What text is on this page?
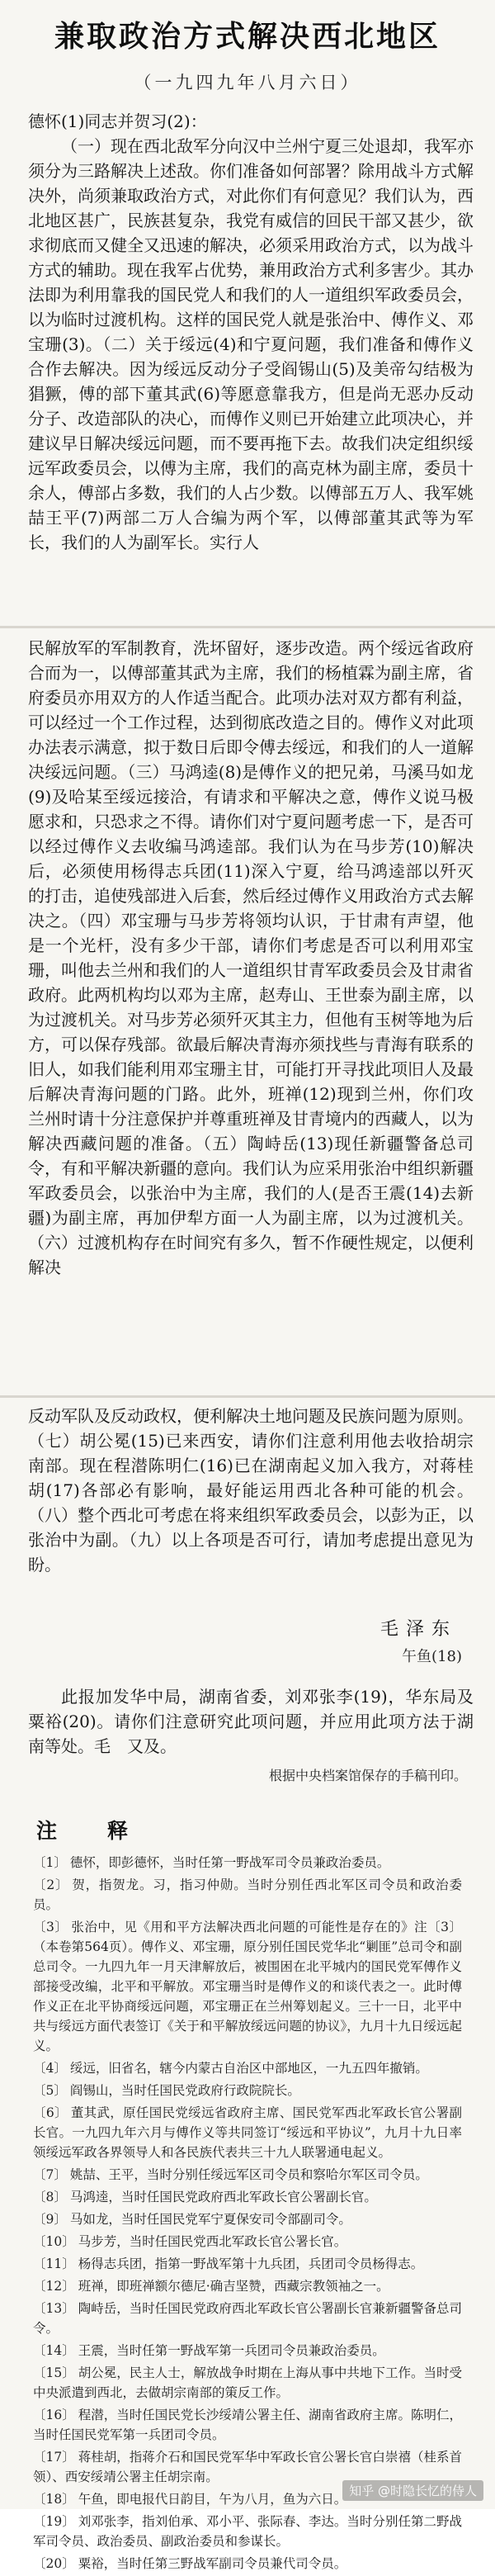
兼取政治方式解决西北地区
（一九四九年八月六日）

德怀(1)同志并贺习(2)：

（一）现在西北敌军分向汉中兰州宁夏三处退却，我军亦须分为三路解决上述敌。你们准备如何部署？除用战斗方式解决外，尚须兼取政治方式，对此你们有何意见？我们认为，西北地区甚广，民族甚复杂，我党有威信的回民干部又甚少，欲求彻底而又健全又迅速的解决，必须采用政治方式，以为战斗方式的辅助。现在我军占优势，兼用政治方式利多害少。其办法即为利用靠我的国民党人和我们的人一道组织军政委员会，以为临时过渡机构。这样的国民党人就是张治中、傅作义、邓宝珊(3)。（二）关于绥远(4)和宁夏问题，我们准备和傅作义合作去解决。因为绥远反动分子受阎锡山(5)及美帝勾结极为猖獗，傅的部下董其武(6)等愿意靠我方，但是尚无恶办反动分子、改造部队的决心，而傅作义则已开始建立此项决心，并建议早日解决绥远问题，而不要再拖下去。故我们决定组织绥远军政委员会，以傅为主席，我们的高克林为副主席，委员十余人，傅部占多数，我们的人占少数。以傅部五万人、我军姚喆王平(7)两部二万人合编为两个军，以傅部董其武等为军长，我们的人为副军长。实行人

民解放军的军制教育，洗坏留好，逐步改造。两个绥远省政府合而为一，以傅部董其武为主席，我们的杨植霖为副主席，省府委员亦用双方的人作适当配合。此项办法对双方都有利益，可以经过一个工作过程，达到彻底改造之目的。傅作义对此项办法表示满意，拟于数日后即令傅去绥远，和我们的人一道解决绥远问题。（三）马鸿逵(8)是傅作义的把兄弟，马溪马如龙(9)及哈某至绥远接洽，有请求和平解决之意，傅作义说马极愿求和，只恐求之不得。请你们对宁夏问题考虑一下，是否可以经过傅作义去收编马鸿逵部。我们认为在马步芳(10)解决后，必须使用杨得志兵团(11)深入宁夏，给马鸿逵部以歼灭的打击，追使残部进入后套，然后经过傅作义用政治方式去解决之。（四）邓宝珊与马步芳将领均认识，于甘肃有声望，他是一个光杆，没有多少干部，请你们考虑是否可以利用邓宝珊，叫他去兰州和我们的人一道组织甘青军政委员会及甘肃省政府。此两机构均以邓为主席，赵寿山、王世泰为副主席，以为过渡机关。对马步芳必须歼灭其主力，但他有玉树等地为后方，可以保存残部。欲最后解决青海亦须找些与青海有联系的旧人，如我们能利用邓宝珊主甘，可能打开寻找此项旧人及最后解决青海问题的门路。此外，班禅(12)现到兰州，你们攻兰州时请十分注意保护并尊重班禅及甘青境内的西藏人，以为解决西藏问题的准备。（五）陶峙岳(13)现任新疆警备总司令，有和平解决新疆的意向。我们认为应采用张治中组织新疆军政委员会，以张治中为主席，我们的人(是否王震(14)去新疆)为副主席，再加伊犁方面一人为副主席，以为过渡机关。（六）过渡机构存在时间究有多久，暂不作硬性规定，以便利解决

反动军队及反动政权，便利解决土地问题及民族问题为原则。（七）胡公冕(15)已来西安，请你们注意利用他去收拾胡宗南部。现在程潜陈明仁(16)已在湖南起义加入我方，对蒋桂胡(17)各部必有影响，最好能运用西北各种可能的机会。（八）整个西北可考虑在将来组织军政委员会，以彭为正，以张治中为副。（九）以上各项是否可行，请加考虑提出意见为盼。

毛泽东
午鱼(18)

此报加发华中局，湖南省委，刘邓张李(19)，华东局及粟裕(20)。请你们注意研究此项问题，并应用此项方法于湖南等处。毛　又及。

根据中央档案馆保存的手稿刊印。
注　释

〔1〕 德怀，即彭德怀，当时任第一野战军司令员兼政治委员。

〔2〕 贺，指贺龙。习，指习仲勋。当时分别任西北军区司令员和政治委员。

〔3〕 张治中，见《用和平方法解决西北问题的可能性是存在的》注〔3〕（本卷第564页）。傅作义、邓宝珊，原分别任国民党华北“剿匪”总司令和副总司令。一九四九年一月天津解放后，被围困在北平城内的国民党军傅作义部接受改编，北平和平解放。邓宝珊当时是傅作义的和谈代表之一。此时傅作义正在北平协商绥远问题，邓宝珊正在兰州筹划起义。三十一日，北平中共与绥远方面代表签订《关于和平解放绥远问题的协议》，九月十九日绥远起义。

〔4〕 绥远，旧省名，辖今内蒙古自治区中部地区，一九五四年撤销。

〔5〕 阎锡山，当时任国民党政府行政院院长。

〔6〕 董其武，原任国民党绥远省政府主席、国民党军西北军政长官公署副长官。一九四九年六月与傅作义等共同签订“绥远和平协议”，九月十九日率领绥远军政各界领导人和各民族代表共三十九人联署通电起义。

〔7〕 姚喆、王平，当时分别任绥远军区司令员和察哈尔军区司令员。

〔8〕 马鸿逵，当时任国民党政府西北军政长官公署副长官。

〔9〕 马如龙，当时任国民党军宁夏保安司令部副司令。

〔10〕 马步芳，当时任国民党西北军政长官公署长官。

〔11〕 杨得志兵团，指第一野战军第十九兵团，兵团司令员杨得志。

〔12〕 班禅，即班禅额尔德尼·确吉坚赞，西藏宗教领袖之一。

〔13〕 陶峙岳，当时任国民党政府西北军政长官公署副长官兼新疆警备总司令。

〔14〕 王震，当时任第一野战军第一兵团司令员兼政治委员。

〔15〕 胡公冕，民主人士，解放战争时期在上海从事中共地下工作。当时受中央派遣到西北，去做胡宗南部的策反工作。

〔16〕 程潜，当时任国民党长沙绥靖公署主任、湖南省政府主席。陈明仁，当时任国民党军第一兵团司令员。

〔17〕 蒋桂胡，指蒋介石和国民党军华中军政长官公署长官白崇禧（桂系首领）、西安绥靖公署主任胡宗南。

〔18〕 午鱼，即电报代日韵目，午为八月，鱼为六日。

〔19〕 刘邓张李，指刘伯承、邓小平、张际春、李达。当时分别任第二野战军司令员、政治委员、副政治委员和参谋长。

〔20〕 粟裕，当时任第三野战军副司令员兼代司令员。

知乎 @时隐长忆的侍人
